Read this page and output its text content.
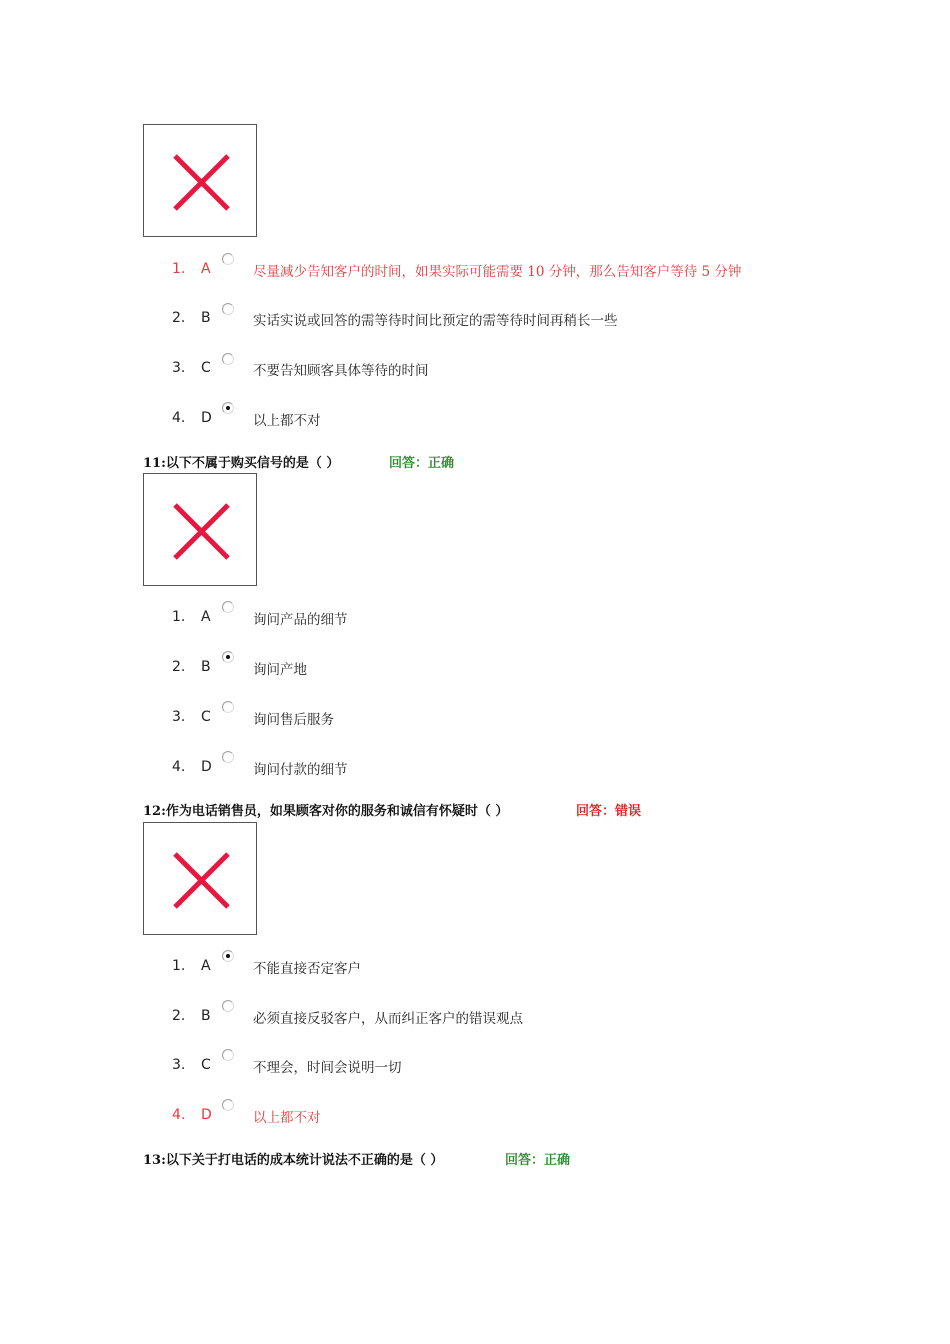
1. A	尽量减少告知客户的时间，如果实际可能需要 10 分钟，那么告知客户等待 5 分钟
2. B	实话实说或回答的需等待时间比预定的需等待时间再稍长一些
3. C	不要告知顾客具体等待的时间
4. D	以上都不对
11:以下不属于购买信号的是（ ）	回答：正确
1. A	询问产品的细节
2. B	询问产地
3. C	询问售后服务
4. D	询问付款的细节
12:作为电话销售员，如果顾客对你的服务和诚信有怀疑时（ ）	回答：错误
1. A	不能直接否定客户
2. B	必须直接反驳客户，从而纠正客户的错误观点
3. C	不理会，时间会说明一切
4. D	以上都不对
13:以下关于打电话的成本统计说法不正确的是（ ）	回答：正确
